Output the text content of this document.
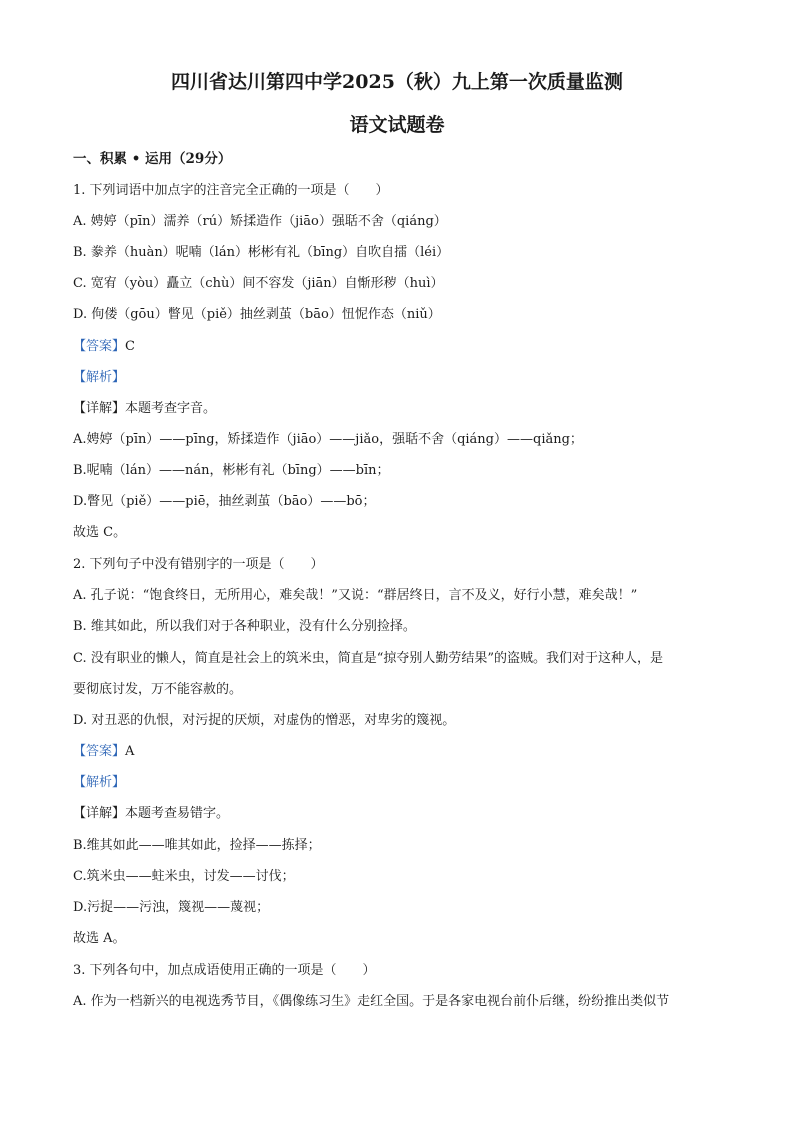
四川省达川第四中学2025（秋）九上第一次质量监测
语文试题卷
一、积累 • 运用（29分）
1. 下列词语中加点字的注音完全正确的一项是（　　）
A. 娉婷（pīn）濡养（rú）矫揉造作（jiāo）强聒不舍（qiáng）
B. 豢养（huàn）呢喃（lán）彬彬有礼（bīng）自吹自擂（léi）
C. 宽宥（yòu）矗立（chù）间不容发（jiān）自惭形秽（huì）
D. 佝偻（gōu）瞥见（piě）抽丝剥茧（bāo）忸怩作态（niǔ）
【答案】C
【解析】
【详解】本题考查字音。
A.娉婷（pīn）——pīng，矫揉造作（jiāo）——jiǎo，强聒不舍（qiáng）——qiǎng；
B.呢喃（lán）——nán，彬彬有礼（bīng）——bīn；
D.瞥见（piě）——piē，抽丝剥茧（bāo）——bō；
故选 C。
2. 下列句子中没有错别字的一项是（　　）
A. 孔子说：“饱食终日，无所用心，难矣哉！”又说：“群居终日，言不及义，好行小慧，难矣哉！”
B. 维其如此，所以我们对于各种职业，没有什么分别捡择。
C. 没有职业的懒人，简直是社会上的筑米虫，简直是“掠夺别人勤劳结果”的盗贼。我们对于这种人，是
要彻底讨发，万不能容赦的。
D. 对丑恶的仇恨，对污捉的厌烦，对虚伪的憎恶，对卑劣的篾视。
【答案】A
【解析】
【详解】本题考查易错字。
B.维其如此——唯其如此，捡择——拣择；
C.筑米虫——蛀米虫，讨发——讨伐；
D.污捉——污浊，篾视——蔑视；
故选 A。
3. 下列各句中，加点成语使用正确的一项是（　　）
A. 作为一档新兴的电视选秀节目，《偶像练习生》走红全国。于是各家电视台前仆后继，纷纷推出类似节
